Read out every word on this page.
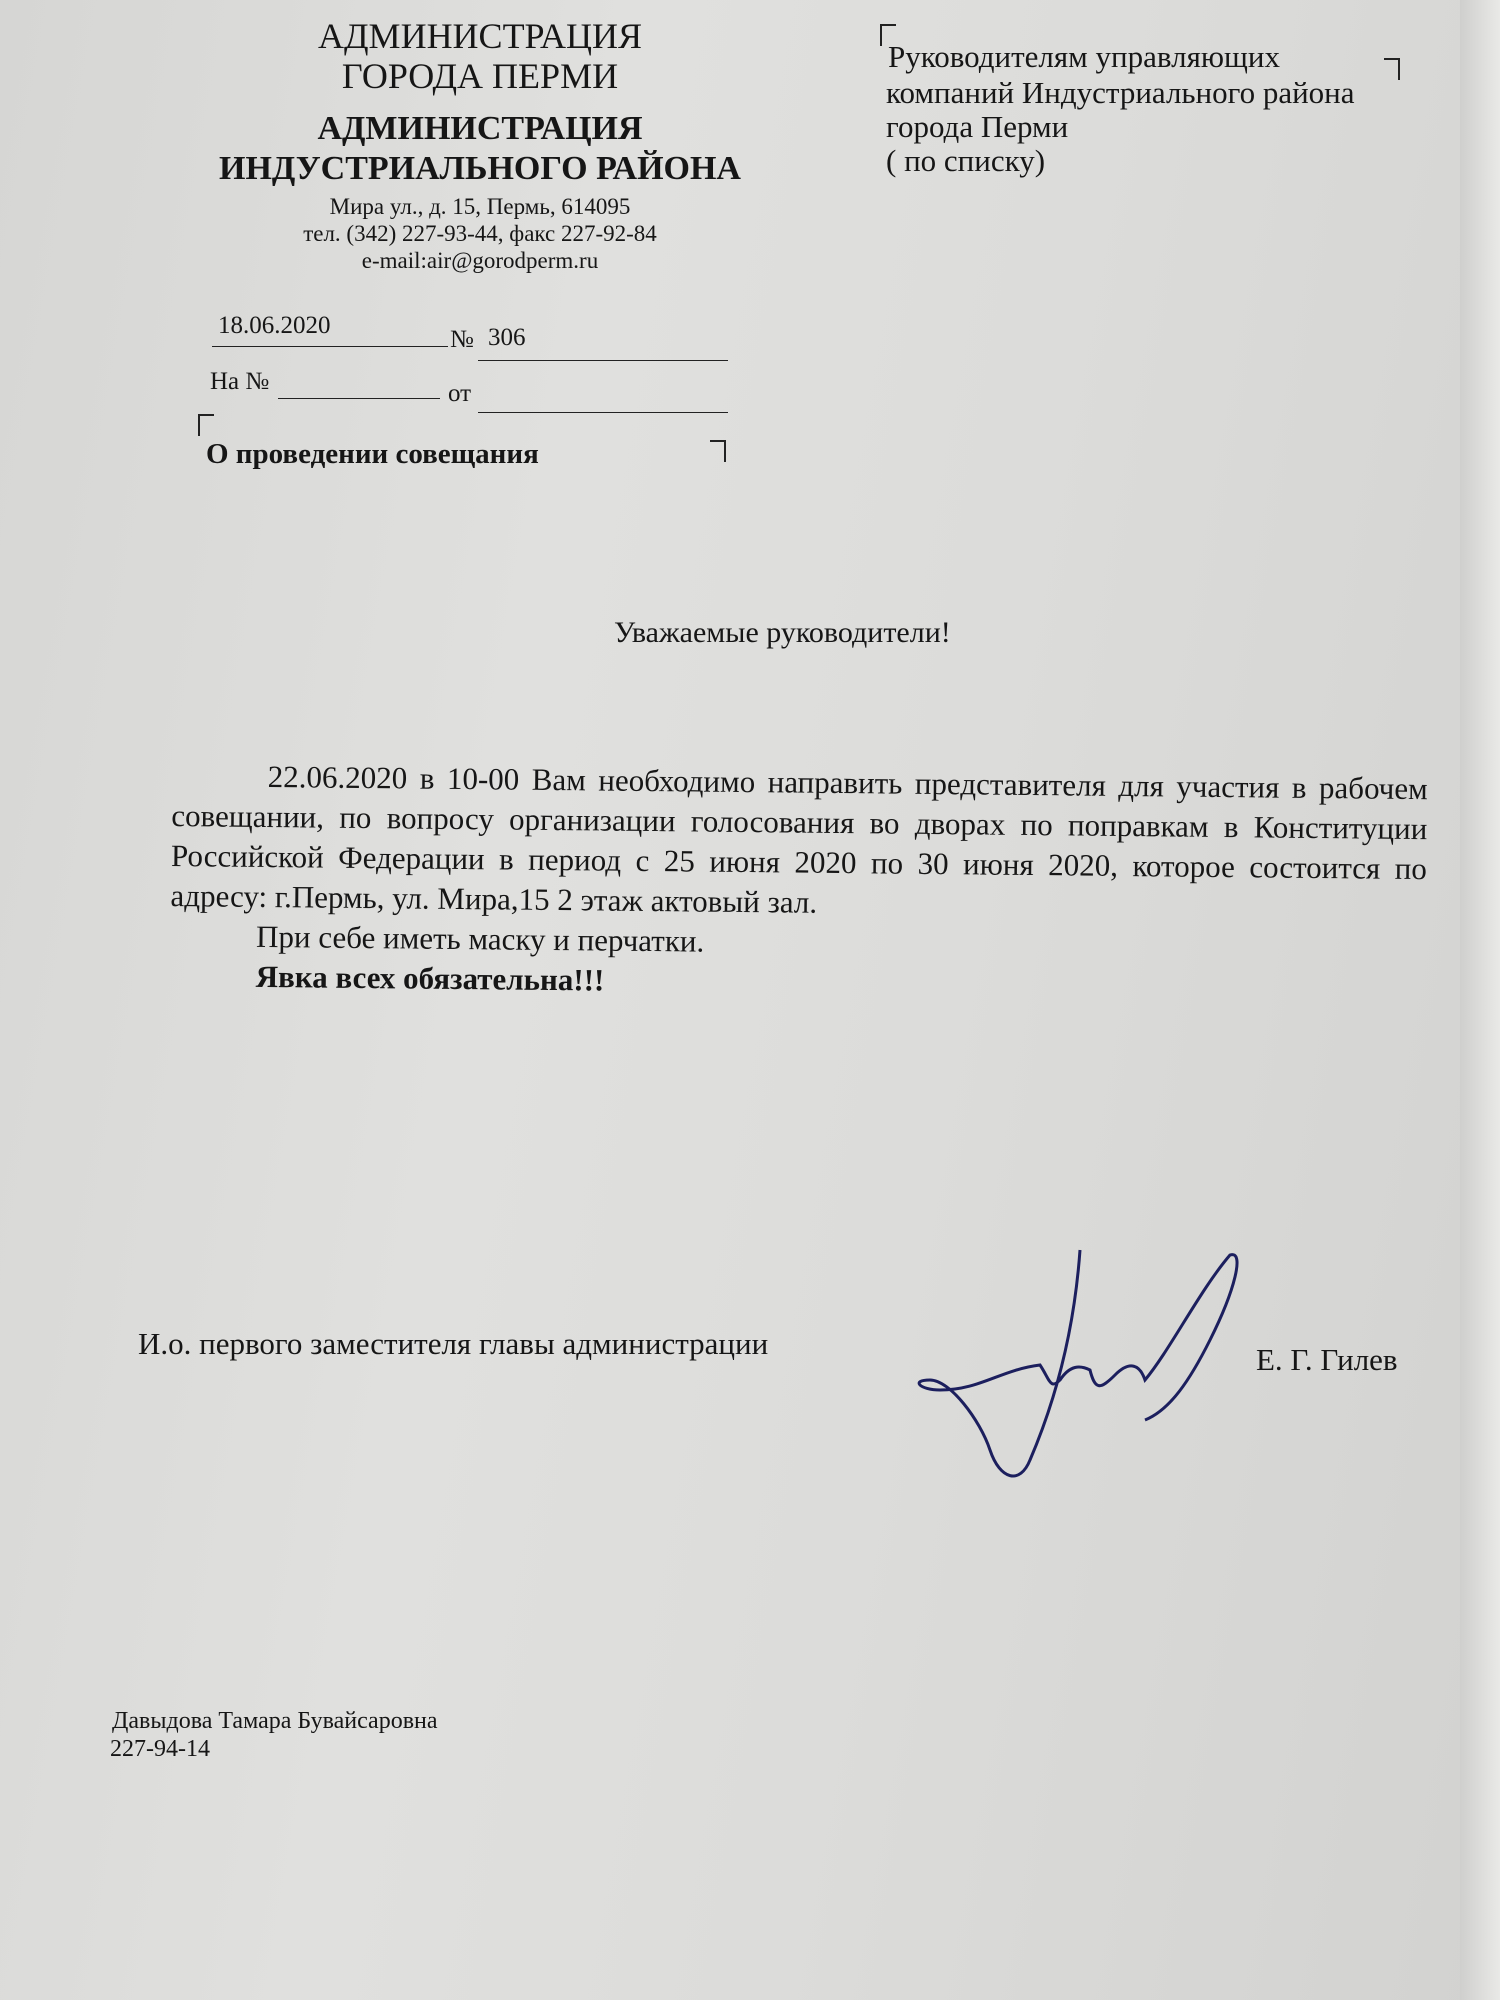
АДМИНИСТРАЦИЯ
ГОРОДА ПЕРМИ
АДМИНИСТРАЦИЯ
ИНДУСТРИАЛЬНОГО РАЙОНА
Мира ул., д. 15, Пермь, 614095
тел. (342) 227-93-44, факс 227-92-84
e-mail:air@gorodperm.ru
18.06.2020
№ 306
На №	от
О проведении совещания
Руководителям управляющих
компаний Индустриального района
города Перми
( по списку)
Уважаемые руководители!

22.06.2020 в 10-00 Вам необходимо направить представителя для участия в рабочем совещании, по вопросу организации голосования во дворах по поправкам в Конституции Российской Федерации в период с 25 июня 2020 по 30 июня 2020, которое состоится по адресу: г.Пермь, ул. Мира,15 2 этаж актовый зал.

При себе иметь маску и перчатки.

Явка всех обязательна!!!

И.о. первого заместителя главы администрации	Е. Г. Гилев
Давыдова Тамара Бувайсаровна
227-94-14
